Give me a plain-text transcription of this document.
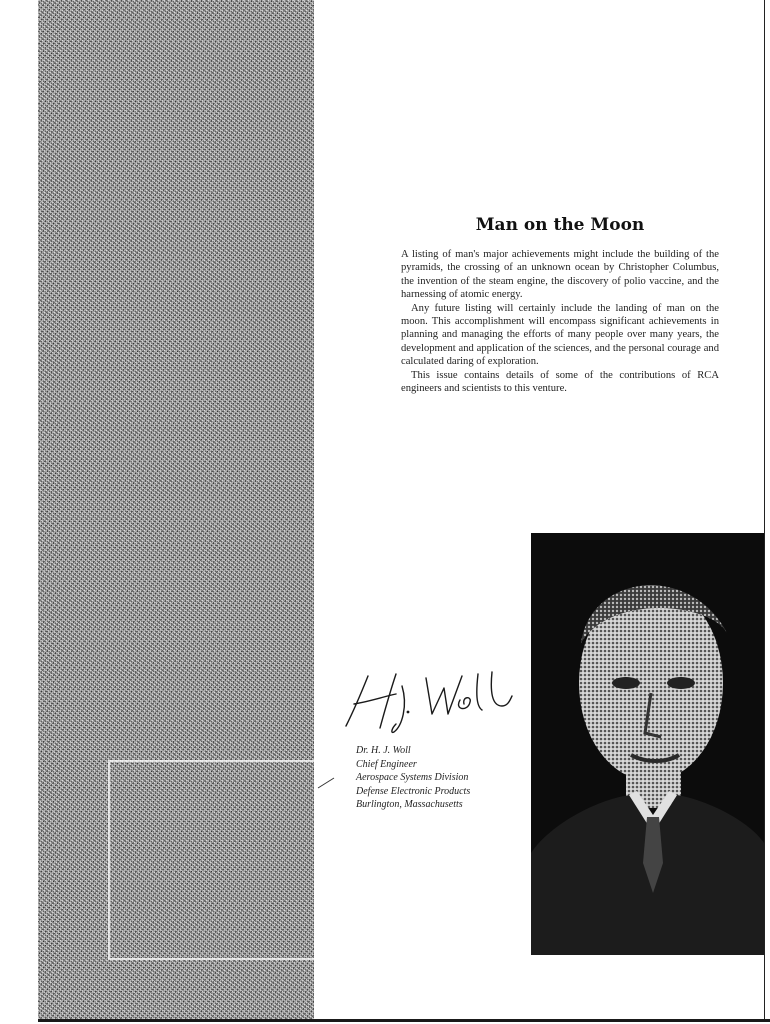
Man on the Moon

A listing of man's major achievements might include the building of the pyramids, the crossing of an unknown ocean by Christopher Columbus, the invention of the steam engine, the discovery of polio vaccine, and the harnessing of atomic energy.

Any future listing will certainly include the landing of man on the moon. This accomplishment will encompass significant achievements in planning and managing the efforts of many people over many years, the development and application of the sciences, and the personal courage and calculated daring of exploration.

This issue contains details of some of the contributions of RCA engineers and scientists to this venture.

Dr. H. J. Woll
Chief Engineer
Aerospace Systems Division
Defense Electronic Products
Burlington, Massachusetts
